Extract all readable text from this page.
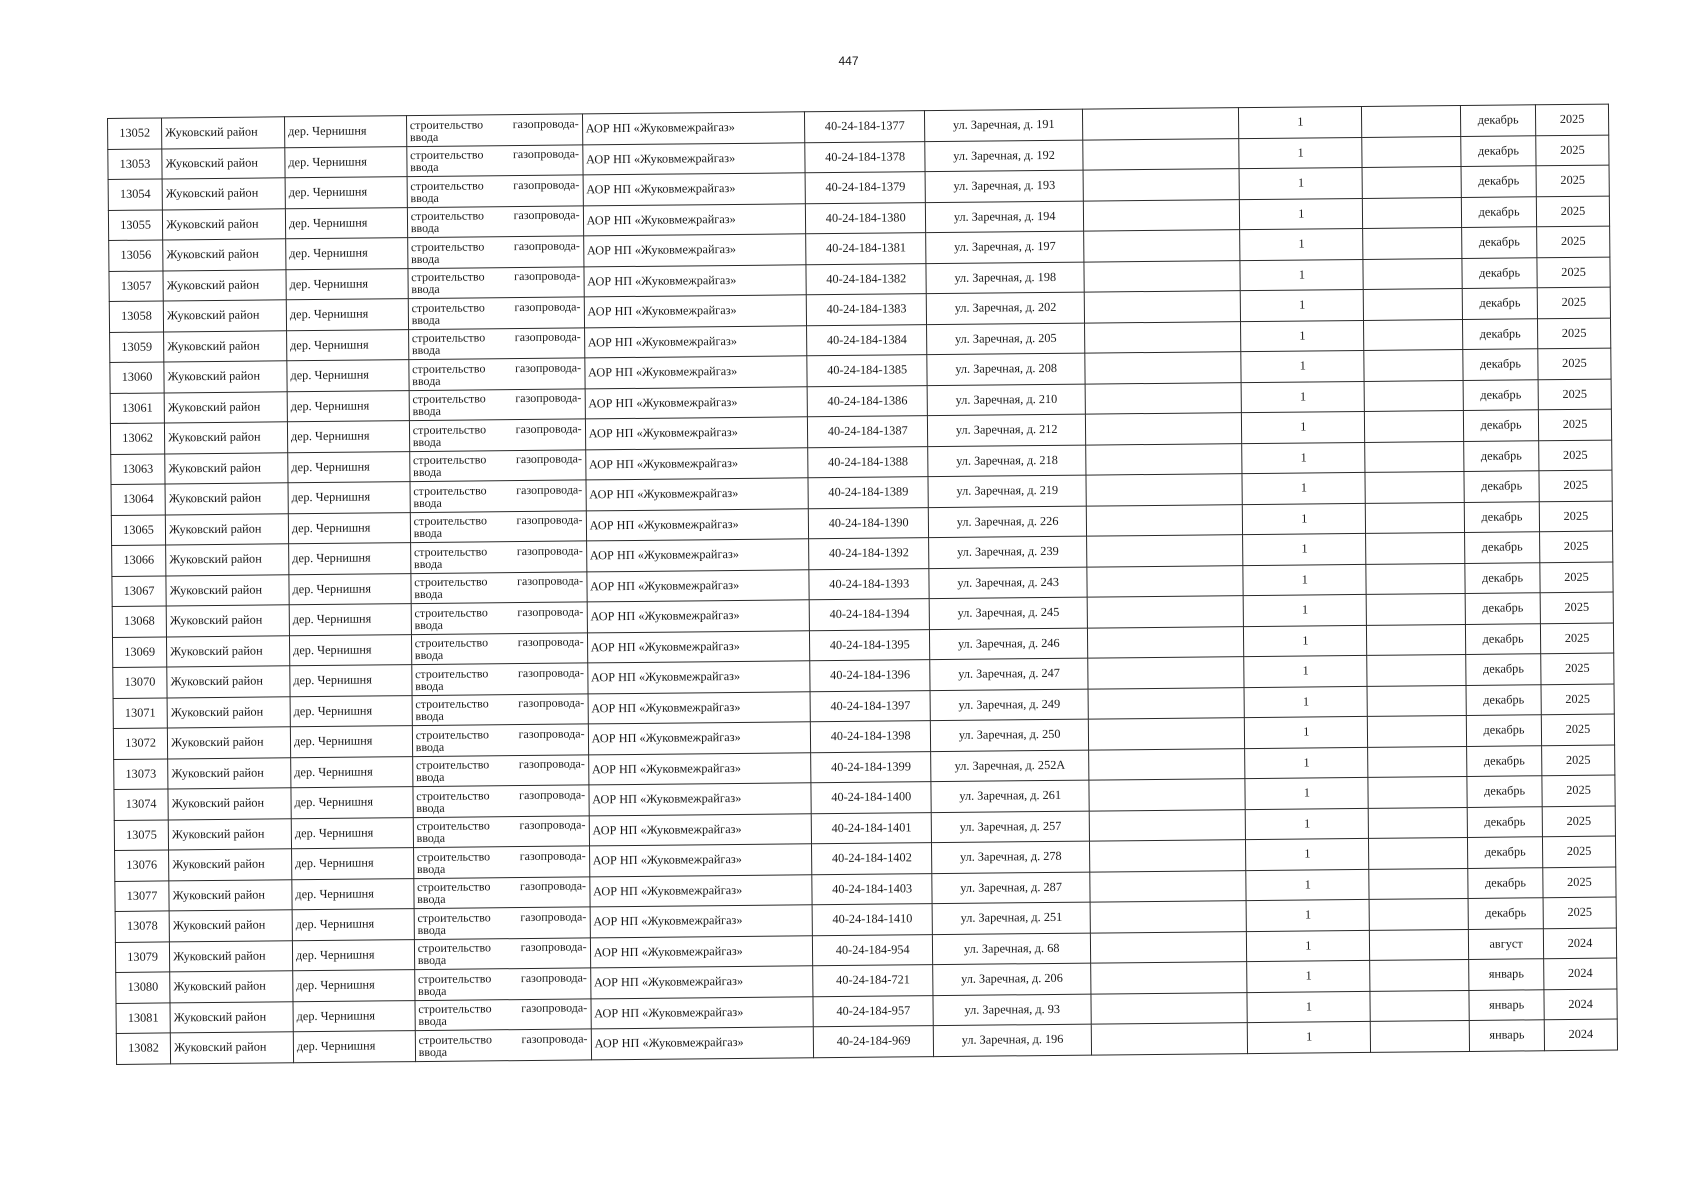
447
13052	Жуковский район	дер. Чернишня	строительство газопровода-
ввода	АОР НП «Жуковмежрайгаз»	40-24-184-1377	ул. Заречная, д. 191		1		декабрь	2025
13053	Жуковский район	дер. Чернишня	строительство газопровода-
ввода	АОР НП «Жуковмежрайгаз»	40-24-184-1378	ул. Заречная, д. 192		1		декабрь	2025
13054	Жуковский район	дер. Чернишня	строительство газопровода-
ввода	АОР НП «Жуковмежрайгаз»	40-24-184-1379	ул. Заречная, д. 193		1		декабрь	2025
13055	Жуковский район	дер. Чернишня	строительство газопровода-
ввода	АОР НП «Жуковмежрайгаз»	40-24-184-1380	ул. Заречная, д. 194		1		декабрь	2025
13056	Жуковский район	дер. Чернишня	строительство газопровода-
ввода	АОР НП «Жуковмежрайгаз»	40-24-184-1381	ул. Заречная, д. 197		1		декабрь	2025
13057	Жуковский район	дер. Чернишня	строительство газопровода-
ввода	АОР НП «Жуковмежрайгаз»	40-24-184-1382	ул. Заречная, д. 198		1		декабрь	2025
13058	Жуковский район	дер. Чернишня	строительство газопровода-
ввода	АОР НП «Жуковмежрайгаз»	40-24-184-1383	ул. Заречная, д. 202		1		декабрь	2025
13059	Жуковский район	дер. Чернишня	строительство газопровода-
ввода	АОР НП «Жуковмежрайгаз»	40-24-184-1384	ул. Заречная, д. 205		1		декабрь	2025
13060	Жуковский район	дер. Чернишня	строительство газопровода-
ввода	АОР НП «Жуковмежрайгаз»	40-24-184-1385	ул. Заречная, д. 208		1		декабрь	2025
13061	Жуковский район	дер. Чернишня	строительство газопровода-
ввода	АОР НП «Жуковмежрайгаз»	40-24-184-1386	ул. Заречная, д. 210		1		декабрь	2025
13062	Жуковский район	дер. Чернишня	строительство газопровода-
ввода	АОР НП «Жуковмежрайгаз»	40-24-184-1387	ул. Заречная, д. 212		1		декабрь	2025
13063	Жуковский район	дер. Чернишня	строительство газопровода-
ввода	АОР НП «Жуковмежрайгаз»	40-24-184-1388	ул. Заречная, д. 218		1		декабрь	2025
13064	Жуковский район	дер. Чернишня	строительство газопровода-
ввода	АОР НП «Жуковмежрайгаз»	40-24-184-1389	ул. Заречная, д. 219		1		декабрь	2025
13065	Жуковский район	дер. Чернишня	строительство газопровода-
ввода	АОР НП «Жуковмежрайгаз»	40-24-184-1390	ул. Заречная, д. 226		1		декабрь	2025
13066	Жуковский район	дер. Чернишня	строительство газопровода-
ввода	АОР НП «Жуковмежрайгаз»	40-24-184-1392	ул. Заречная, д. 239		1		декабрь	2025
13067	Жуковский район	дер. Чернишня	строительство газопровода-
ввода	АОР НП «Жуковмежрайгаз»	40-24-184-1393	ул. Заречная, д. 243		1		декабрь	2025
13068	Жуковский район	дер. Чернишня	строительство газопровода-
ввода	АОР НП «Жуковмежрайгаз»	40-24-184-1394	ул. Заречная, д. 245		1		декабрь	2025
13069	Жуковский район	дер. Чернишня	строительство газопровода-
ввода	АОР НП «Жуковмежрайгаз»	40-24-184-1395	ул. Заречная, д. 246		1		декабрь	2025
13070	Жуковский район	дер. Чернишня	строительство газопровода-
ввода	АОР НП «Жуковмежрайгаз»	40-24-184-1396	ул. Заречная, д. 247		1		декабрь	2025
13071	Жуковский район	дер. Чернишня	строительство газопровода-
ввода	АОР НП «Жуковмежрайгаз»	40-24-184-1397	ул. Заречная, д. 249		1		декабрь	2025
13072	Жуковский район	дер. Чернишня	строительство газопровода-
ввода	АОР НП «Жуковмежрайгаз»	40-24-184-1398	ул. Заречная, д. 250		1		декабрь	2025
13073	Жуковский район	дер. Чернишня	строительство газопровода-
ввода	АОР НП «Жуковмежрайгаз»	40-24-184-1399	ул. Заречная, д. 252А		1		декабрь	2025
13074	Жуковский район	дер. Чернишня	строительство газопровода-
ввода	АОР НП «Жуковмежрайгаз»	40-24-184-1400	ул. Заречная, д. 261		1		декабрь	2025
13075	Жуковский район	дер. Чернишня	строительство газопровода-
ввода	АОР НП «Жуковмежрайгаз»	40-24-184-1401	ул. Заречная, д. 257		1		декабрь	2025
13076	Жуковский район	дер. Чернишня	строительство газопровода-
ввода	АОР НП «Жуковмежрайгаз»	40-24-184-1402	ул. Заречная, д. 278		1		декабрь	2025
13077	Жуковский район	дер. Чернишня	строительство газопровода-
ввода	АОР НП «Жуковмежрайгаз»	40-24-184-1403	ул. Заречная, д. 287		1		декабрь	2025
13078	Жуковский район	дер. Чернишня	строительство газопровода-
ввода	АОР НП «Жуковмежрайгаз»	40-24-184-1410	ул. Заречная, д. 251		1		декабрь	2025
13079	Жуковский район	дер. Чернишня	строительство газопровода-
ввода	АОР НП «Жуковмежрайгаз»	40-24-184-954	ул. Заречная, д. 68		1		август	2024
13080	Жуковский район	дер. Чернишня	строительство газопровода-
ввода	АОР НП «Жуковмежрайгаз»	40-24-184-721	ул. Заречная, д. 206		1		январь	2024
13081	Жуковский район	дер. Чернишня	строительство газопровода-
ввода	АОР НП «Жуковмежрайгаз»	40-24-184-957	ул. Заречная, д. 93		1		январь	2024
13082	Жуковский район	дер. Чернишня	строительство газопровода-
ввода	АОР НП «Жуковмежрайгаз»	40-24-184-969	ул. Заречная, д. 196		1		январь	2024
